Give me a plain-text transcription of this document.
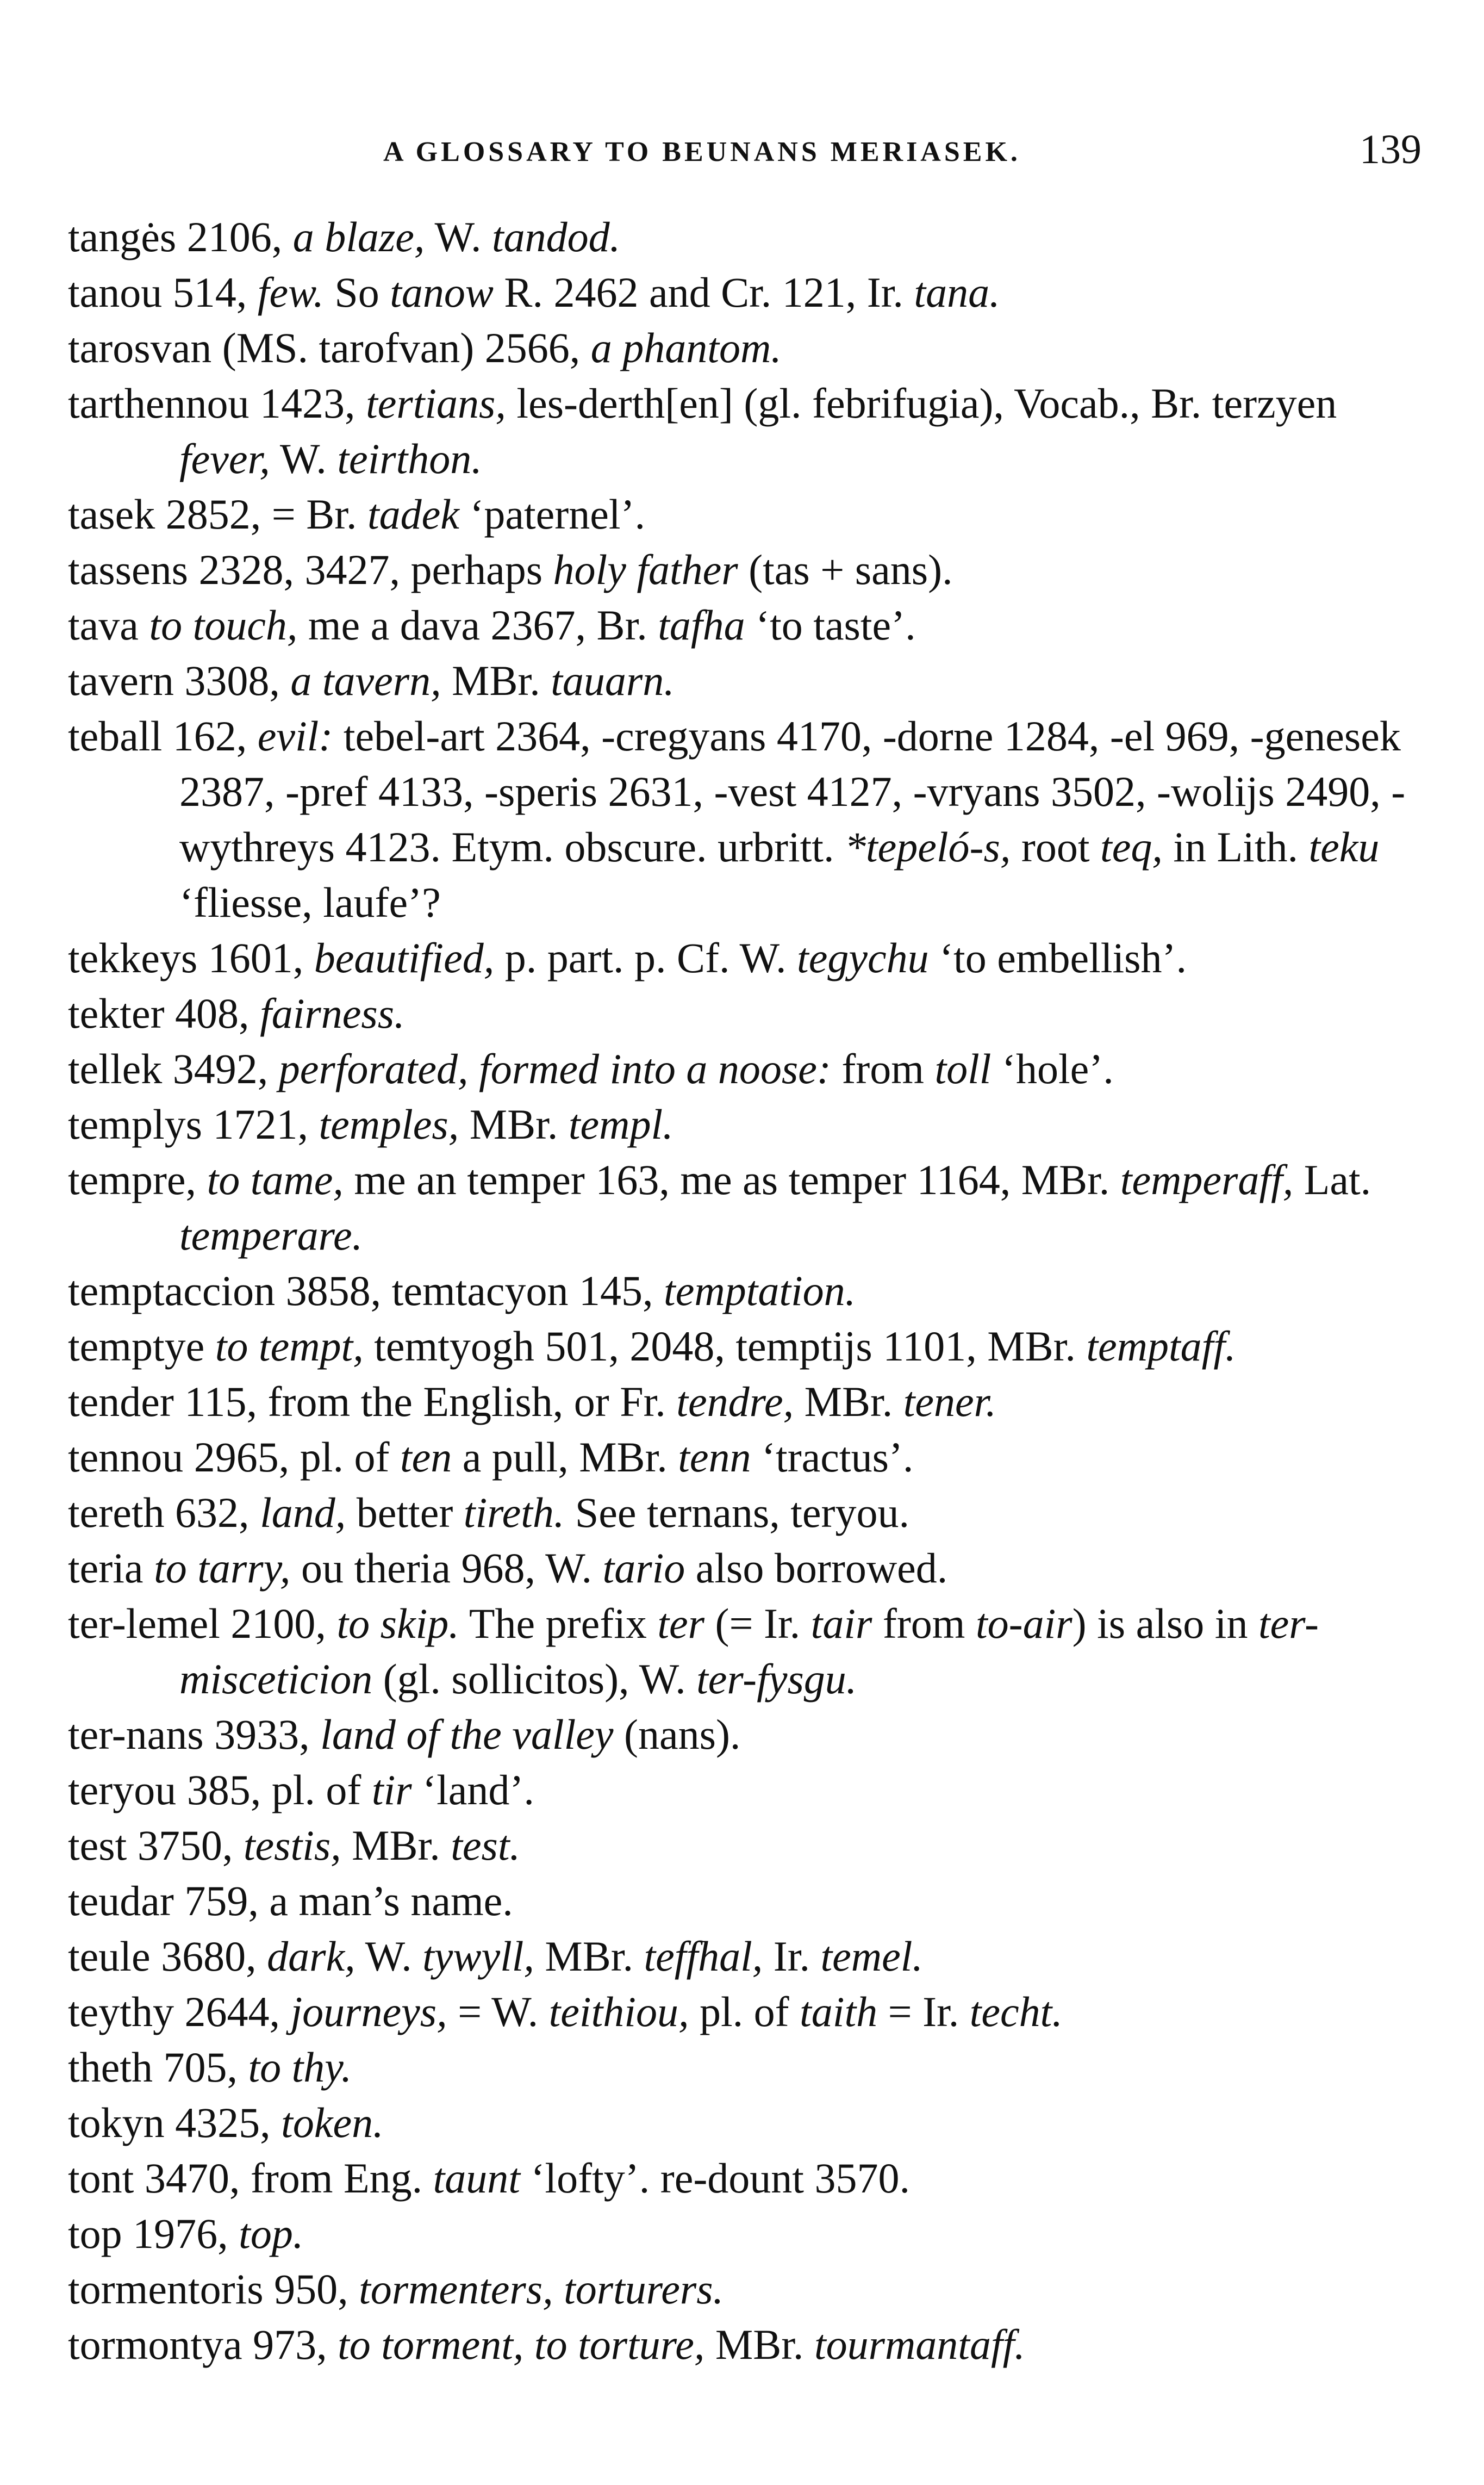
A GLOSSARY TO BEUNANS MERIASEK.	139

tangės 2106, a blaze, W. tandod.

tanou 514, few. So tanow R. 2462 and Cr. 121, Ir. tana.

tarosvan (MS. tarofvan) 2566, a phantom.

tarthennou 1423, tertians, les-derth[en] (gl. febrifugia), Vocab., Br. terzyen fever, W. teirthon.

tasek 2852, = Br. tadek ‘paternel’.

tassens 2328, 3427, perhaps holy father (tas + sans).

tava to touch, me a dava 2367, Br. tafha ‘to taste’.

tavern 3308, a tavern, MBr. tauarn.

teball 162, evil: tebel-art 2364, -cregyans 4170, -dorne 1284, -el 969, -genesek 2387, -pref 4133, -speris 2631, -vest 4127, -vryans 3502, -wolijs 2490, -wythreys 4123. Etym. obscure. urbritt. *tepeló-s, root teq, in Lith. teku ‘fliesse, laufe’?

tekkeys 1601, beautified, p. part. p. Cf. W. tegychu ‘to embellish’.

tekter 408, fairness.

tellek 3492, perforated, formed into a noose: from toll ‘hole’.

templys 1721, temples, MBr. templ.

tempre, to tame, me an temper 163, me as temper 1164, MBr. temperaff, Lat. temperare.

temptaccion 3858, temtacyon 145, temptation.

temptye to tempt, temtyogh 501, 2048, temptijs 1101, MBr. temptaff.

tender 115, from the English, or Fr. tendre, MBr. tener.

tennou 2965, pl. of ten a pull, MBr. tenn ‘tractus’.

tereth 632, land, better tireth. See ternans, teryou.

teria to tarry, ou theria 968, W. tario also borrowed.

ter-lemel 2100, to skip. The prefix ter (= Ir. tair from to-air) is also in ter-misceticion (gl. sollicitos), W. ter-fysgu.

ter-nans 3933, land of the valley (nans).

teryou 385, pl. of tir ‘land’.

test 3750, testis, MBr. test.

teudar 759, a man’s name.

teule 3680, dark, W. tywyll, MBr. teffhal, Ir. temel.

teythy 2644, journeys, = W. teithiou, pl. of taith = Ir. techt.

theth 705, to thy.

tokyn 4325, token.

tont 3470, from Eng. taunt ‘lofty’. re-dount 3570.

top 1976, top.

tormentoris 950, tormenters, torturers.

tormontya 973, to torment, to torture, MBr. tourmantaff.
